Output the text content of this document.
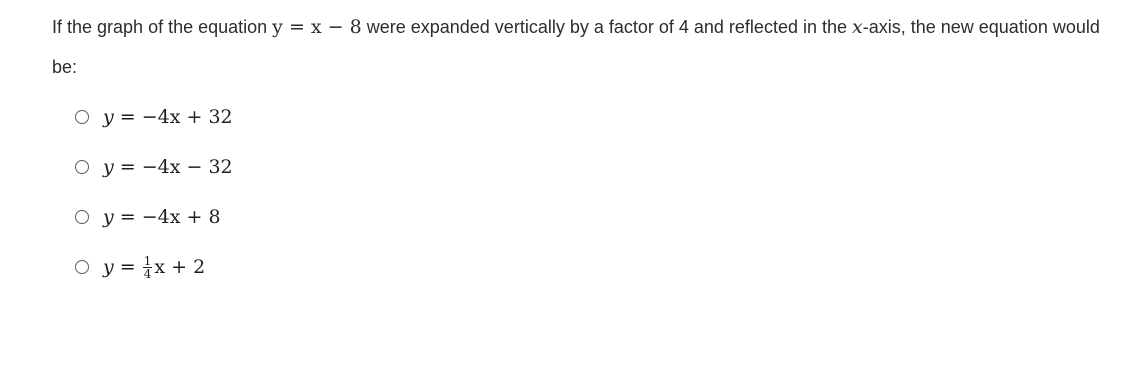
If the graph of the equation y = x − 8 were expanded vertically by a factor of 4 and reflected in the x-axis, the new equation would be:
y = −4x + 32
y = −4x − 32
y = −4x + 8
$y = \frac{1}{4}$ x + 2
